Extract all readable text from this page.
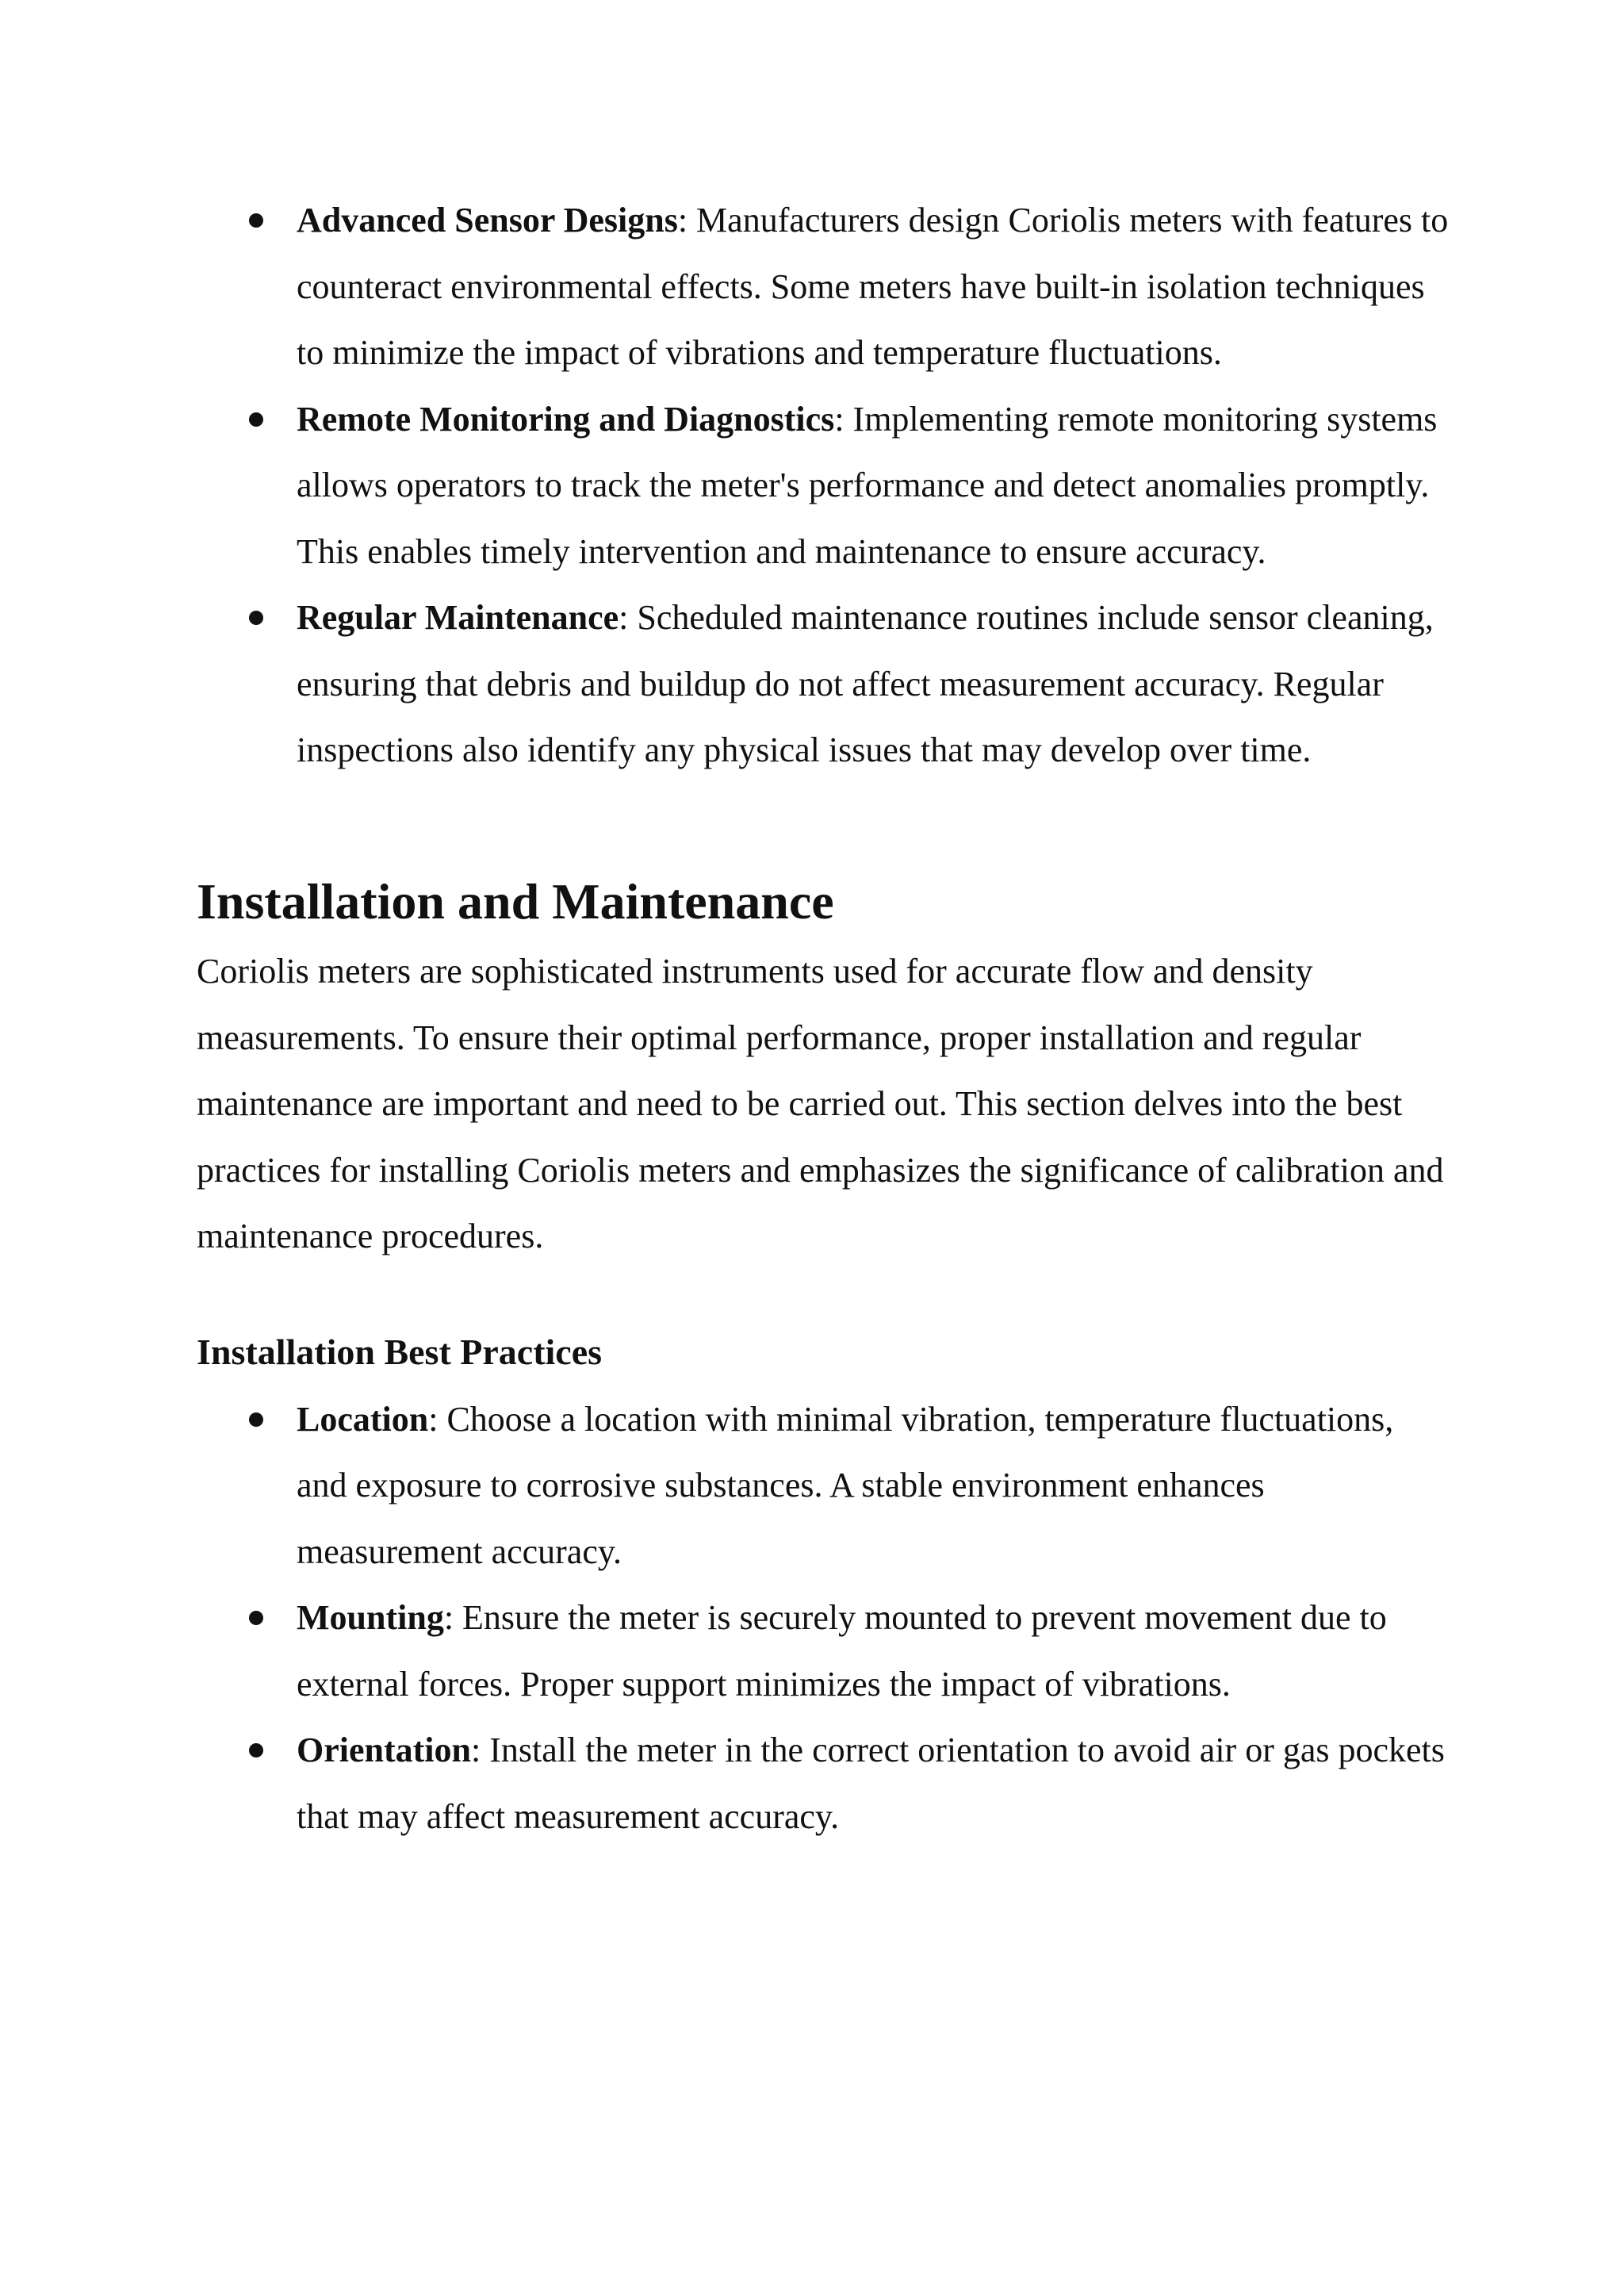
Advanced Sensor Designs: Manufacturers design Coriolis meters with features to counteract environmental effects. Some meters have built-in isolation techniques to minimize the impact of vibrations and temperature fluctuations.
Remote Monitoring and Diagnostics: Implementing remote monitoring systems allows operators to track the meter's performance and detect anomalies promptly. This enables timely intervention and maintenance to ensure accuracy.
Regular Maintenance: Scheduled maintenance routines include sensor cleaning, ensuring that debris and buildup do not affect measurement accuracy. Regular inspections also identify any physical issues that may develop over time.
Installation and Maintenance

Coriolis meters are sophisticated instruments used for accurate flow and density measurements. To ensure their optimal performance, proper installation and regular maintenance are important and need to be carried out. This section delves into the best practices for installing Coriolis meters and emphasizes the significance of calibration and maintenance procedures.

Installation Best Practices
Location: Choose a location with minimal vibration, temperature fluctuations, and exposure to corrosive substances. A stable environment enhances measurement accuracy.
Mounting: Ensure the meter is securely mounted to prevent movement due to external forces. Proper support minimizes the impact of vibrations.
Orientation: Install the meter in the correct orientation to avoid air or gas pockets that may affect measurement accuracy.
